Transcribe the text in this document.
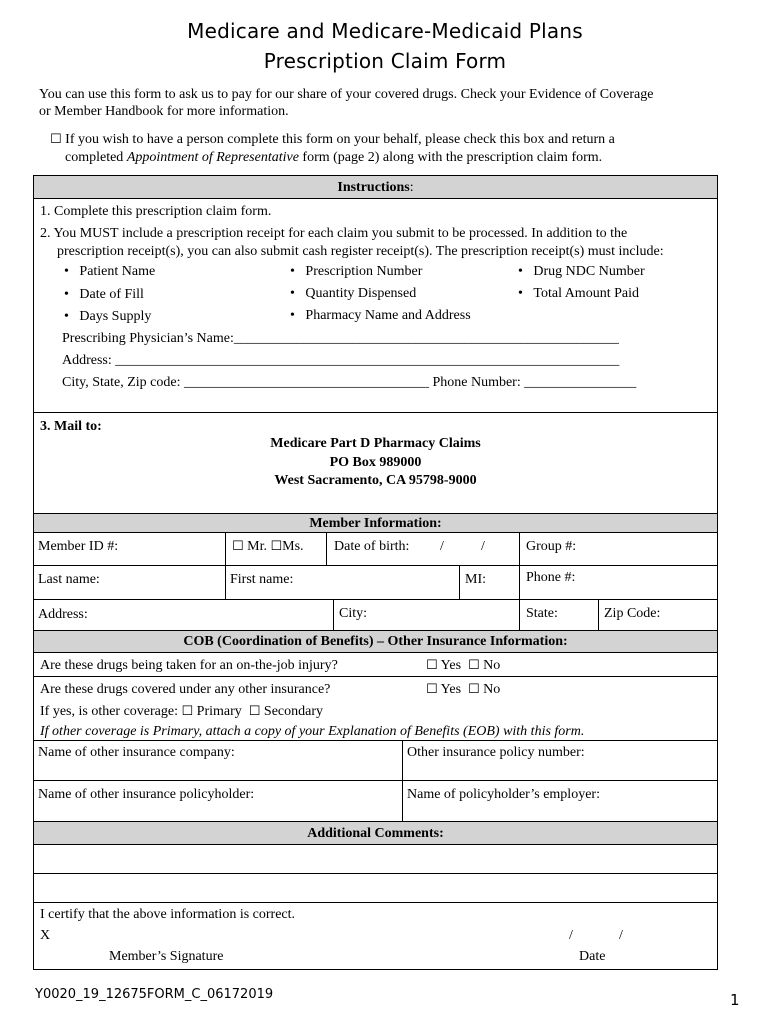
Medicare and Medicare-Medicaid Plans
Prescription Claim Form
You can use this form to ask us to pay for our share of your covered drugs. Check your Evidence of Coverage
or Member Handbook for more information.
☐ If you wish to have a person complete this form on your behalf, please check this box and return a
completed Appointment of Representative form (page 2) along with the prescription claim form.
Instructions:
1. Complete this prescription claim form.
2. You MUST include a prescription receipt for each claim you submit to be processed. In addition to the
prescription receipt(s), you can also submit cash register receipt(s). The prescription receipt(s) must include:
• Patient Name	• Prescription Number	• Drug NDC Number
• Date of Fill	• Quantity Dispensed	• Total Amount Paid
• Days Supply	• Pharmacy Name and Address
Prescribing Physician’s Name:_______________________________________________________
Address: ________________________________________________________________________
City, State, Zip code: ___________________________________ Phone Number: ________________
3. Mail to:
Medicare Part D Pharmacy Claims
PO Box 989000
West Sacramento, CA 95798-9000
Member Information:
Member ID #:	☐ Mr. ☐Ms. Date of birth: /	/	Group #:
Last name:	First name:	MI:	Phone #:
Address:	City:	State:	Zip Code:
COB (Coordination of Benefits) – Other Insurance Information:
Are these drugs being taken for an on-the-job injury?	☐ Yes ☐ No
Are these drugs covered under any other insurance?	☐ Yes ☐ No
If yes, is other coverage: ☐ Primary ☐ Secondary
If other coverage is Primary, attach a copy of your Explanation of Benefits (EOB) with this form.
Name of other insurance company:	Other insurance policy number:
Name of other insurance policyholder:	Name of policyholder’s employer:
Additional Comments:
I certify that the above information is correct.
X	/	/
Member’s Signature	Date
Y0020_19_12675FORM_C_06172019	1
